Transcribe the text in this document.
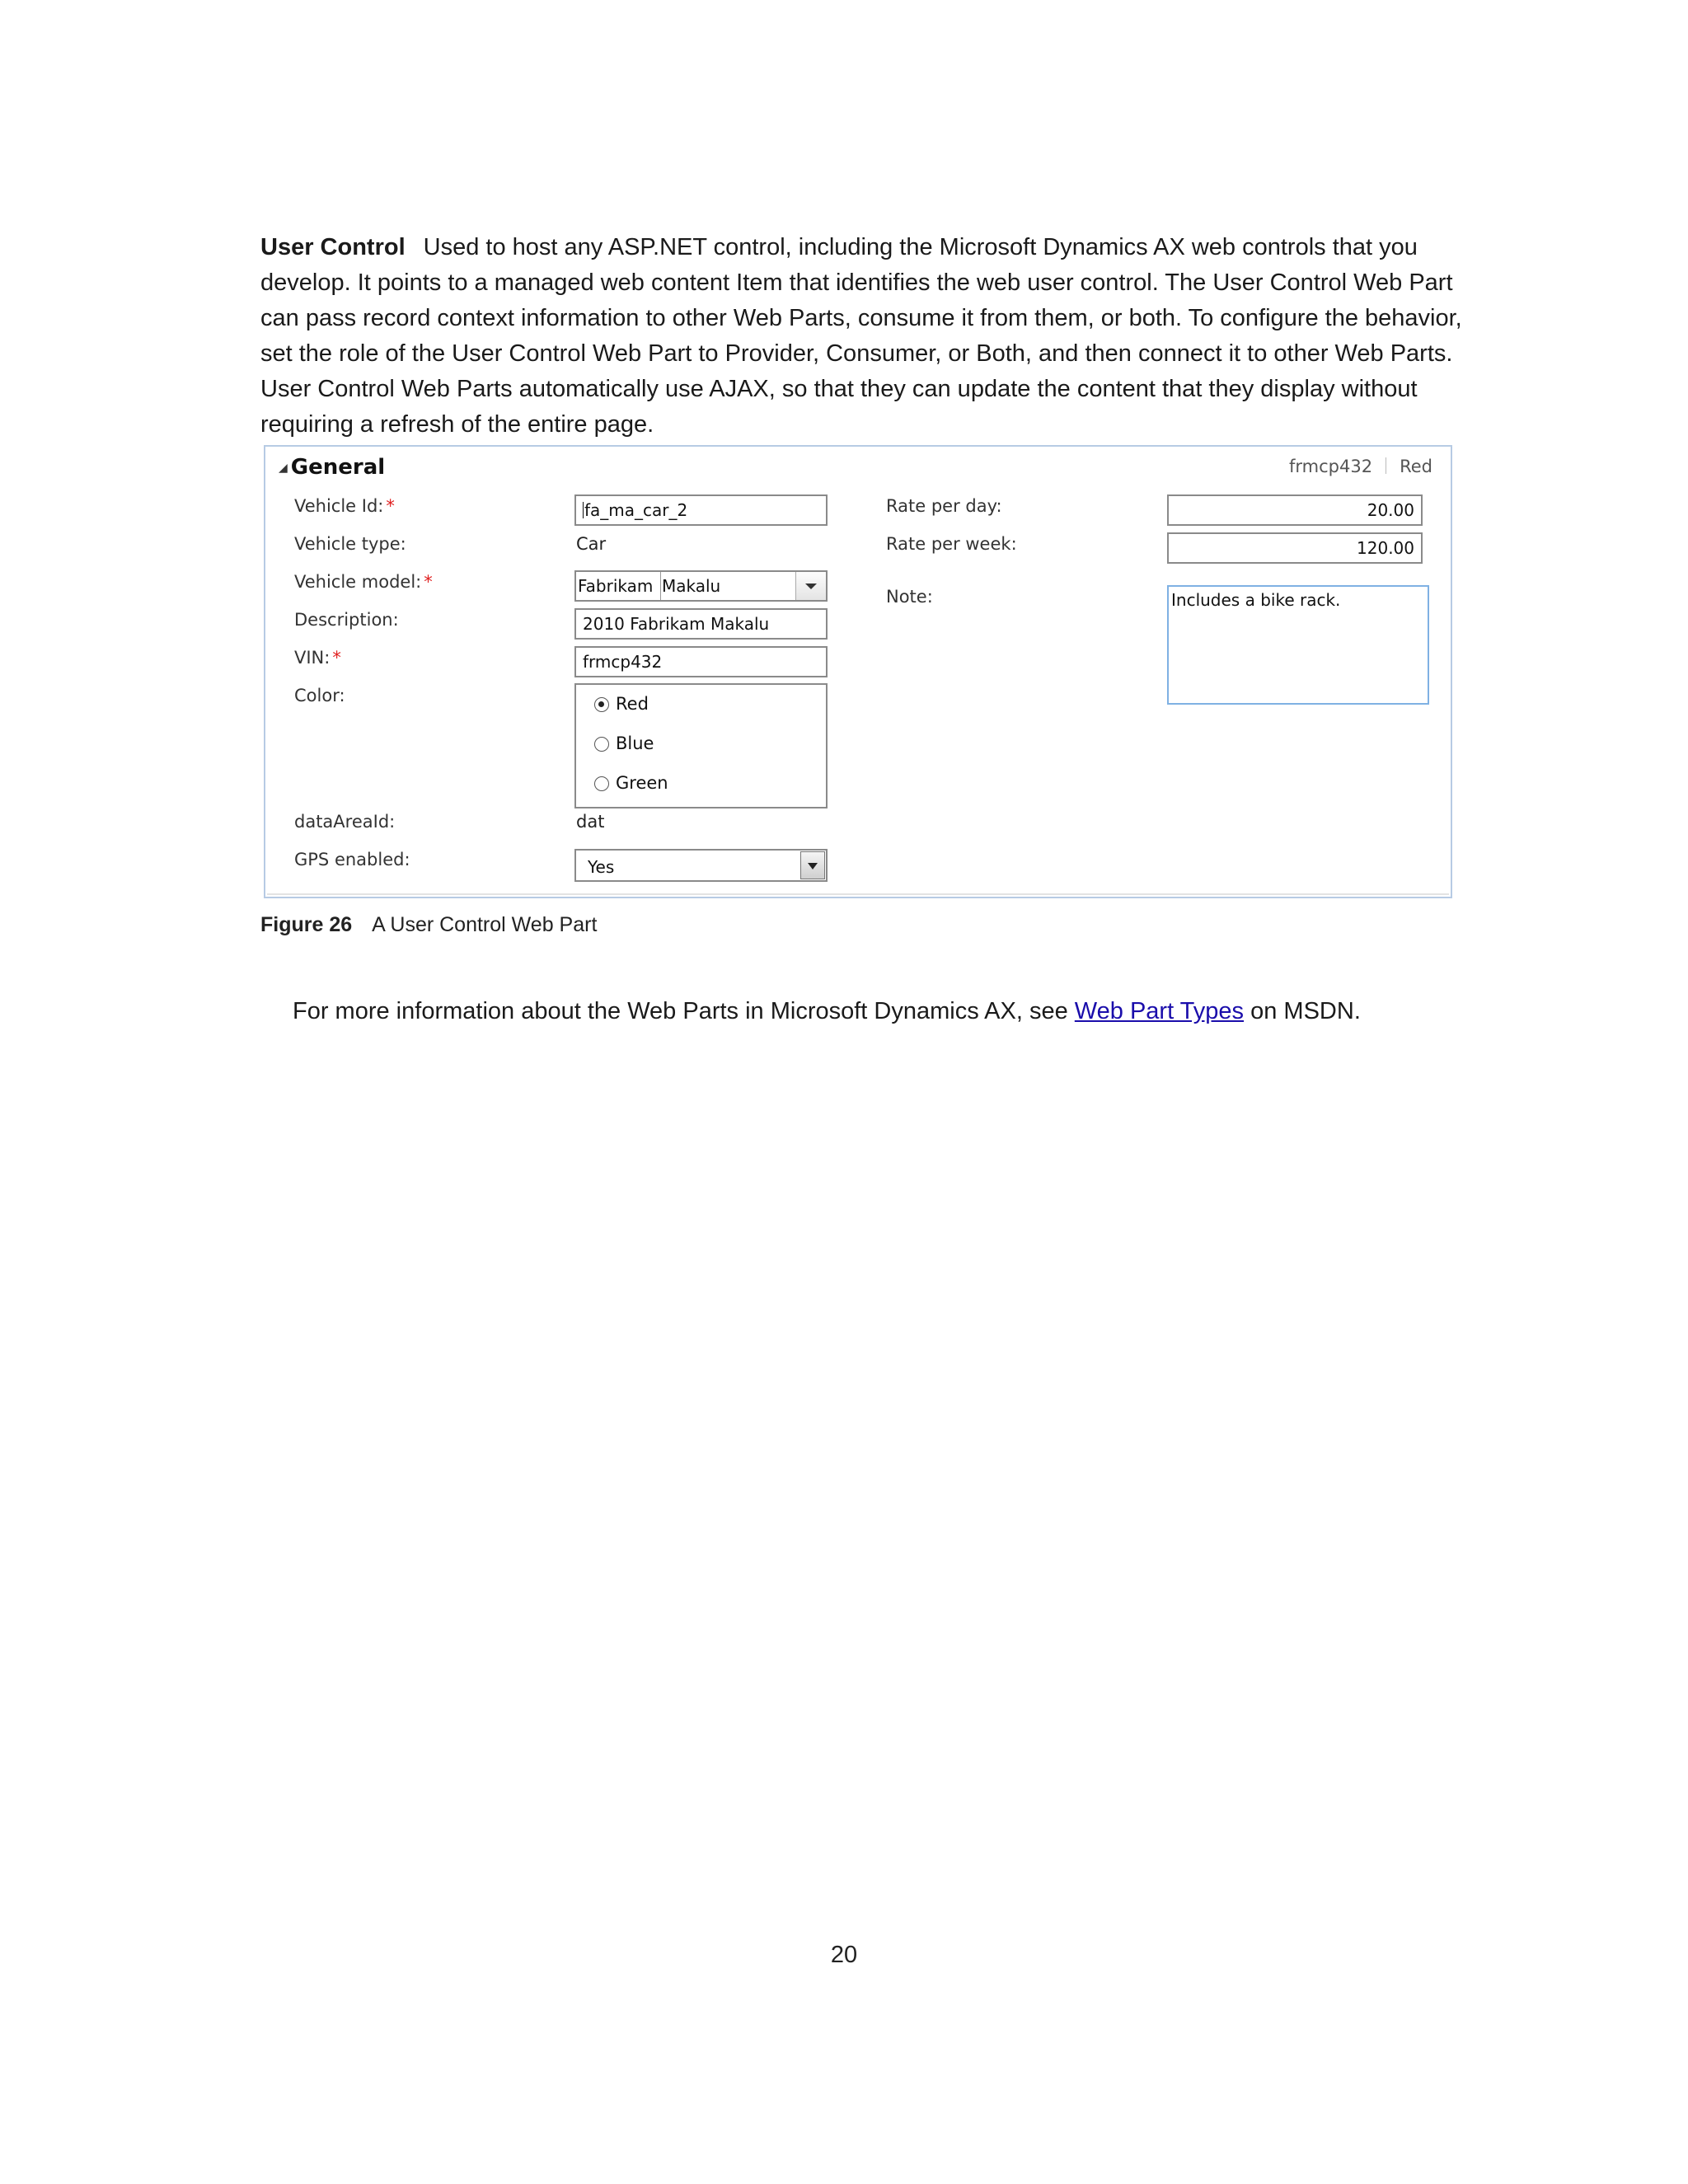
User Control Used to host any ASP.NET control, including the Microsoft Dynamics AX web controls that you develop. It points to a managed web content Item that identifies the web user control. The User Control Web Part can pass record context information to other Web Parts, consume it from them, or both. To configure the behavior, set the role of the User Control Web Part to Provider, Consumer, or Both, and then connect it to other Web Parts. User Control Web Parts automatically use AJAX, so that they can update the content that they display without requiring a refresh of the entire page.

◢ General	frmcp432 Red
Vehicle Id: *
Vehicle type:
Vehicle model: *
Description:
VIN: *
Color:
dataAreaId:
GPS enabled:
fa_ma_car_2
Car
Fabrikam Makalu
2010 Fabrikam Makalu
frmcp432
Red
Blue
Green
dat
Yes
Rate per day:
Rate per week:
Note:
20.00
120.00
Includes a bike rack.
Figure 26 A User Control Web Part

For more information about the Web Parts in Microsoft Dynamics AX, see Web Part Types on MSDN.

20
